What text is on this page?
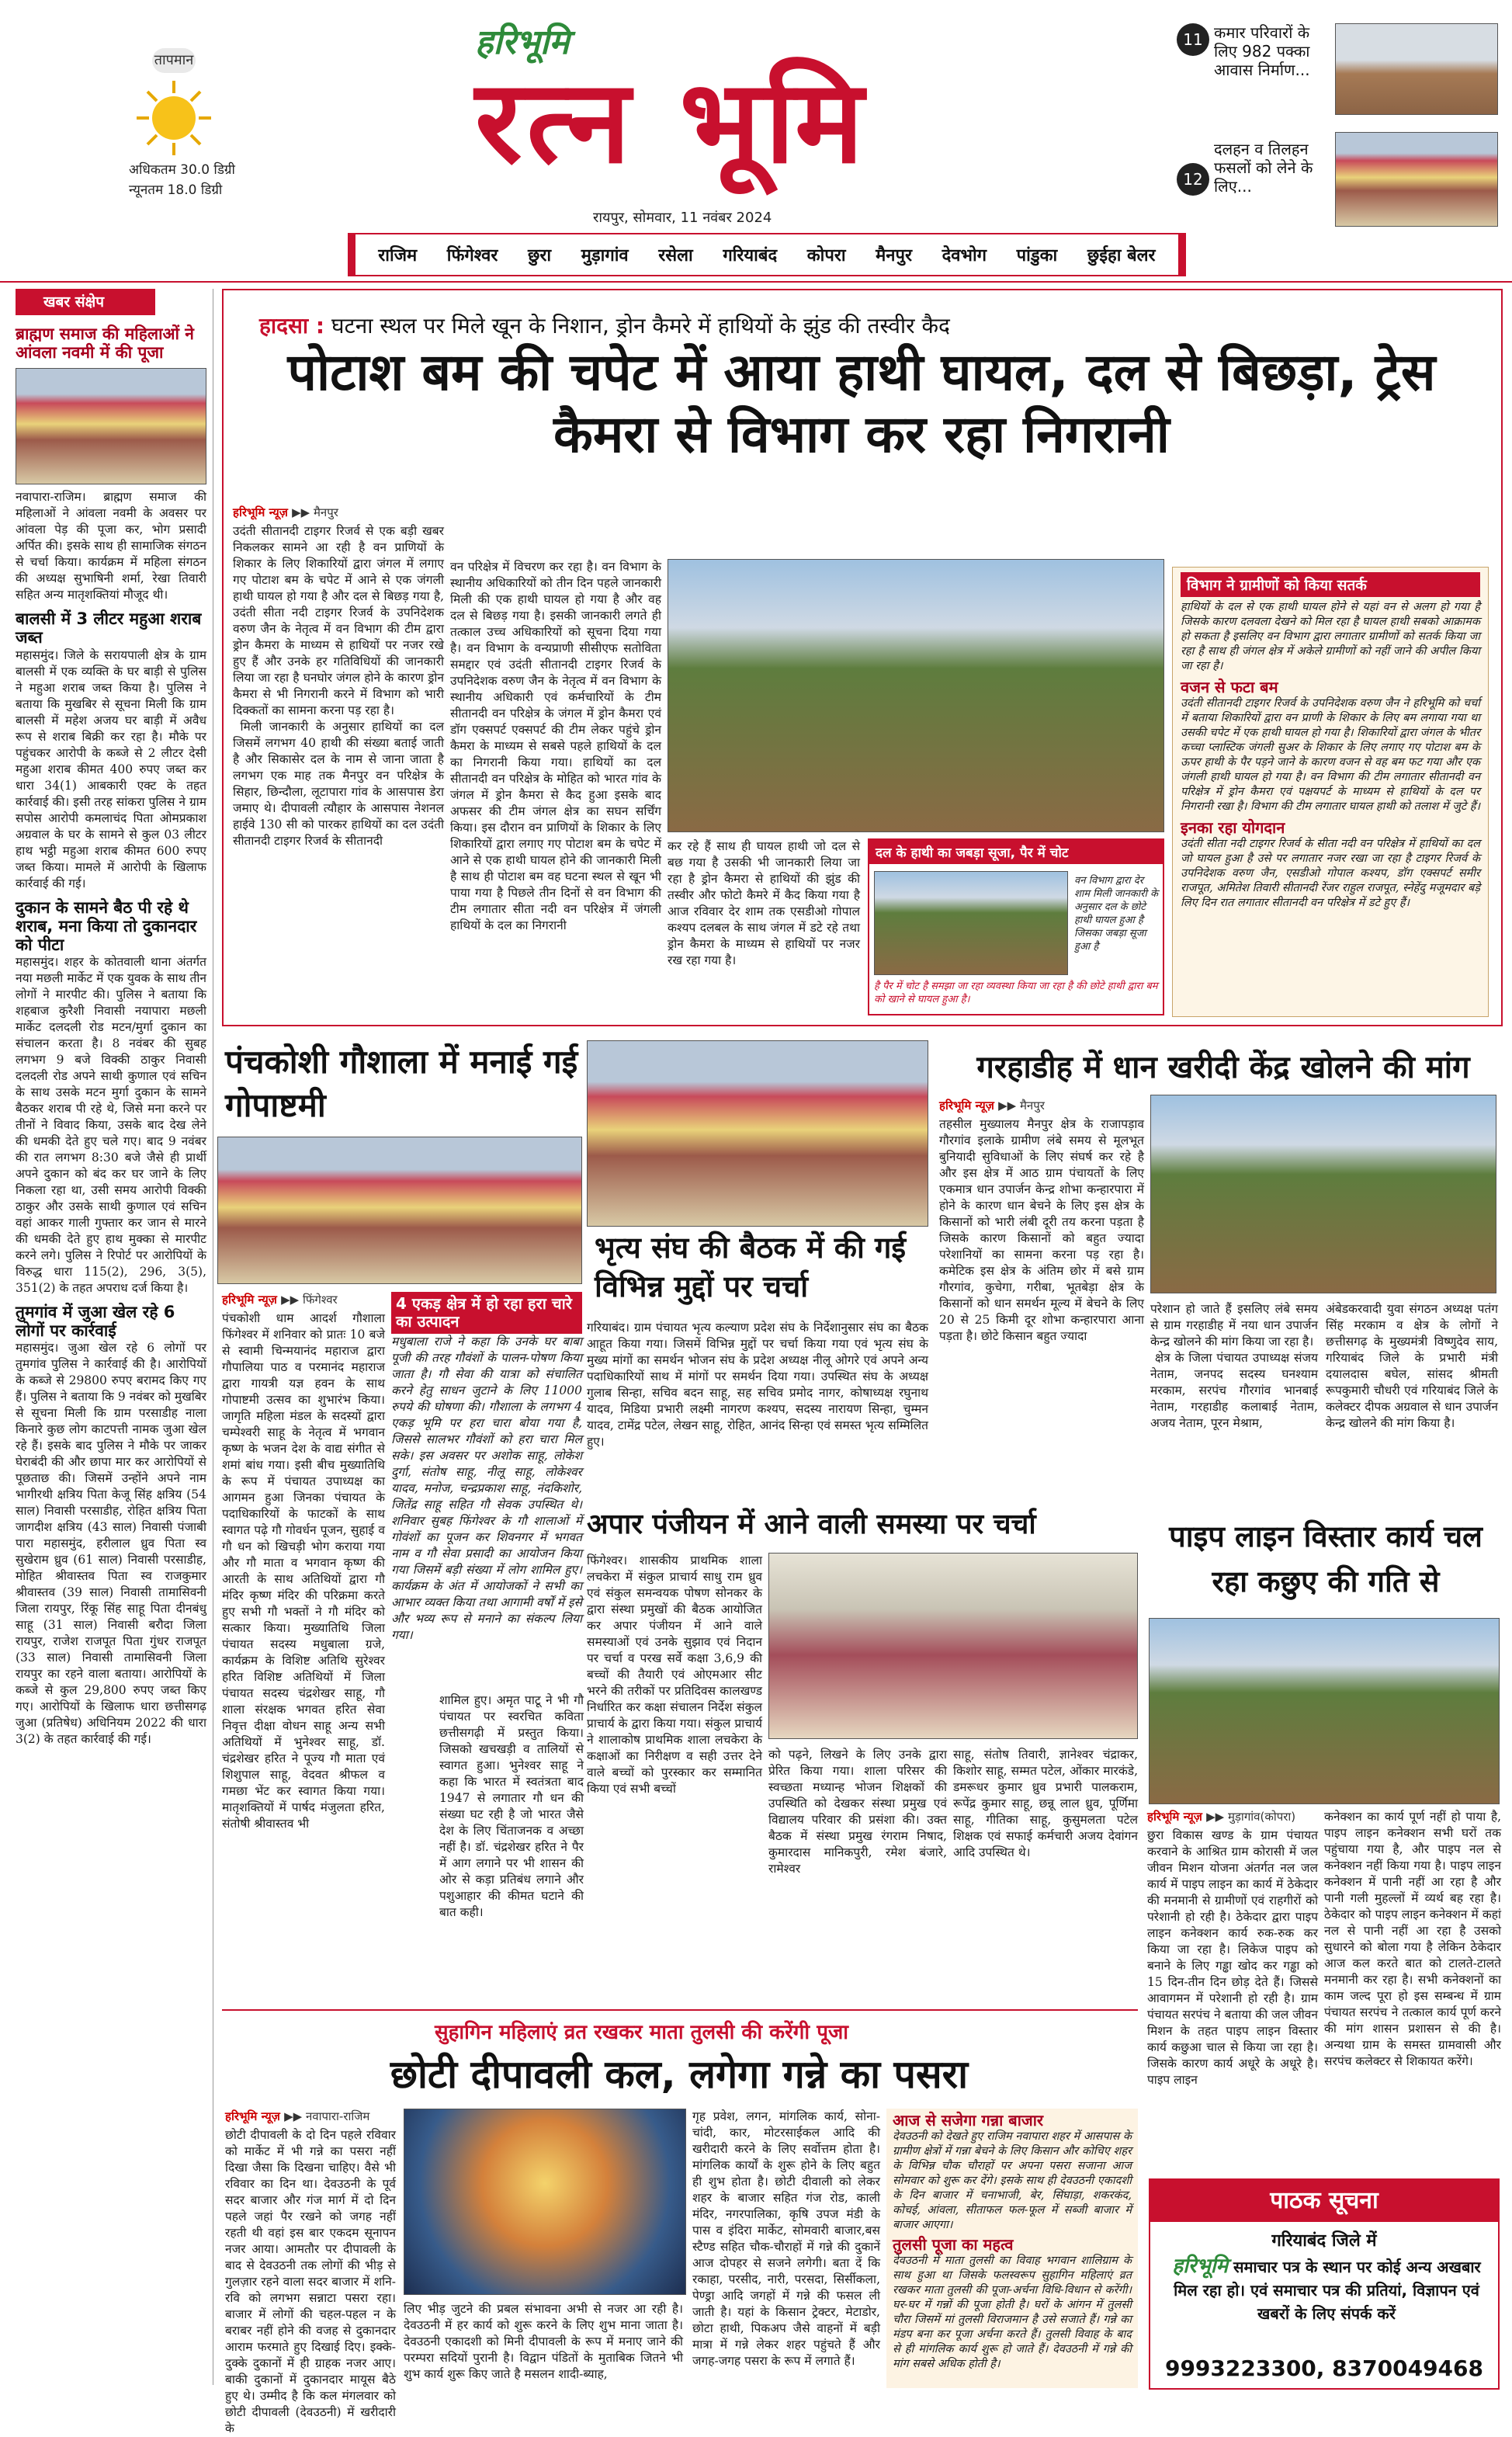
तापमान
अधिकतम 30.0 डिग्री
न्यूनतम 18.0 डिग्री
हरिभूमि
रत्न भूमि
रायपुर, सोमवार, 11 नवंबर 2024
11 कमार परिवारों के लिए 982 पक्का आवास निर्माण...
12
दलहन व तिलहन फसलों को लेने के लिए...
राजिम फिंगेश्वर छुरा मुड़ागांव रसेला गरियाबंद कोपरा मैनपुर देवभोग पांडुका छुईहा बेलर
खबर संक्षेप
ब्राह्मण समाज की महिलाओं ने आंवला नवमी में की पूजा
नवापारा-राजिम। ब्राह्मण समाज की महिलाओं ने आंवला नवमी के अवसर पर आंवला पेड़ की पूजा कर, भोग प्रसादी अर्पित की। इसके साथ ही सामाजिक संगठन से चर्चा किया। कार्यक्रम में महिला संगठन की अध्यक्ष सुभाषिनी शर्मा, रेखा तिवारी सहित अन्य मातृशक्तियां मौजूद थी।
बालसी में 3 लीटर महुआ शराब जब्त
महासमुंद। जिले के सरायपाली क्षेत्र के ग्राम बालसी में एक व्यक्ति के घर बाड़ी से पुलिस ने महुआ शराब जब्त किया है। पुलिस ने बताया कि मुखबिर से सूचना मिली कि ग्राम बालसी में महेश अजय घर बाड़ी में अवैध रूप से शराब बिक्री कर रहा है। मौके पर पहुंचकर आरोपी के कब्जे से 2 लीटर देसी महुआ शराब कीमत 400 रुपए जब्त कर धारा 34(1) आबकारी एक्ट के तहत कार्रवाई की। इसी तरह सांकरा पुलिस ने ग्राम सपोस आरोपी कमलाचंद पिता ओमप्रकाश अग्रवाल के घर के सामने से कुल 03 लीटर हाथ भट्ठी महुआ शराब कीमत 600 रुपए जब्त किया। मामले में आरोपी के खिलाफ कार्रवाई की गई।
दुकान के सामने बैठ पी रहे थे शराब, मना किया तो दुकानदार को पीटा
महासमुंद। शहर के कोतवाली थाना अंतर्गत नया मछली मार्केट में एक युवक के साथ तीन लोगों ने मारपीट की। पुलिस ने बताया कि शहबाज कुरैशी निवासी नयापारा मछली मार्केट दलदली रोड मटन/मुर्गा दुकान का संचालन करता है। 8 नवंबर की सुबह लगभग 9 बजे विक्की ठाकुर निवासी दलदली रोड अपने साथी कुणाल एवं सचिन के साथ उसके मटन मुर्गा दुकान के सामने बैठकर शराब पी रहे थे, जिसे मना करने पर तीनों ने विवाद किया, उसके बाद देख लेने की धमकी देते हुए चले गए। बाद 9 नवंबर की रात लगभग 8:30 बजे जैसे ही प्रार्थी अपने दुकान को बंद कर घर जाने के लिए निकला रहा था, उसी समय आरोपी विक्की ठाकुर और उसके साथी कुणाल एवं सचिन वहां आकर गाली गुफ्तार कर जान से मारने की धमकी देते हुए हाथ मुक्का से मारपीट करने लगे। पुलिस ने रिपोर्ट पर आरोपियों के विरुद्ध धारा 115(2), 296, 3(5), 351(2) के तहत अपराध दर्ज किया है।
तुमगांव में जुआ खेल रहे 6 लोगों पर कार्रवाई
महासमुंद। जुआ खेल रहे 6 लोगों पर तुमगांव पुलिस ने कार्रवाई की है। आरोपियों के कब्जे से 29800 रुपए बरामद किए गए हैं। पुलिस ने बताया कि 9 नवंबर को मुखबिर से सूचना मिली कि ग्राम परसाडीह नाला किनारे कुछ लोग काटपत्ती नामक जुआ खेल रहे हैं। इसके बाद पुलिस ने मौके पर जाकर घेराबंदी की और छापा मार कर आरोपियों से पूछताछ की। जिसमें उन्होंने अपने नाम भागीरथी क्षत्रिय पिता केजू सिंह क्षत्रिय (54 साल) निवासी परसाडीह, रोहित क्षत्रिय पिता जागदीश क्षत्रिय (43 साल) निवासी पंजाबी पारा महासमुंद, हरीलाल ध्रुव पिता स्व सुखेराम ध्रुव (61 साल) निवासी परसाडीह, मोहित श्रीवास्तव पिता स्व राजकुमार श्रीवास्तव (39 साल) निवासी तामासिवनी जिला रायपुर, रिंकू सिंह साहू पिता दीनबंधु साहू (31 साल) निवासी बरौदा जिला रायपुर, राजेश राजपूत पिता गुंधर राजपूत (33 साल) निवासी तामासिवनी जिला रायपुर का रहने वाला बताया। आरोपियों के कब्जे से कुल 29,800 रुपए जब्त किए गए। आरोपियों के खिलाफ धारा छत्तीसगढ़ जुआ (प्रतिषेध) अधिनियम 2022 की धारा 3(2) के तहत कार्रवाई की गई।
हादसा : घटना स्थल पर मिले खून के निशान, ड्रोन कैमरे में हाथियों के झुंड की तस्वीर कैद
पोटाश बम की चपेट में आया हाथी घायल, दल से बिछड़ा, ट्रेस कैमरा से विभाग कर रहा निगरानी
हरिभूमि न्यूज़ ▶▶ मैनपुर
उदंती सीतानदी टाइगर रिजर्व से एक बड़ी खबर निकलकर सामने आ रही है वन प्राणियों के शिकार के लिए शिकारियों द्वारा जंगल में लगाए गए पोटाश बम के चपेट में आने से एक जंगली हाथी घायल हो गया है और दल से बिछड़ गया है, उदंती सीता नदी टाइगर रिजर्व के उपनिदेशक वरुण जैन के नेतृत्व में वन विभाग की टीम द्वारा ड्रोन कैमरा के माध्यम से हाथियों पर नजर रखे हुए हैं और उनके हर गतिविधियों की जानकारी लिया जा रहा है घनघोर जंगल होने के कारण ड्रोन कैमरा से भी निगरानी करने में विभाग को भारी दिक्कतों का सामना करना पड़ रहा है।
मिली जानकारी के अनुसार हाथियों का दल जिसमें लगभग 40 हाथी की संख्या बताई जाती है और सिकासेर दल के नाम से जाना जाता है लगभग एक माह तक मैनपुर वन परिक्षेत्र के सिहार, छिन्दौला, लूटापारा गांव के आसपास डेरा जमाए थे। दीपावली त्यौहार के आसपास नेशनल हाईवे 130 सी को पारकर हाथियों का दल उदंती सीतानदी टाइगर रिजर्व के सीतानदी
वन परिक्षेत्र में विचरण कर रहा है। वन विभाग के स्थानीय अधिकारियों को तीन दिन पहले जानकारी मिली की एक हाथी घायल हो गया है और वह दल से बिछड़ गया है। इसकी जानकारी लगते ही तत्काल उच्च अधिकारियों को सूचना दिया गया है। वन विभाग के वन्यप्राणी सीसीएफ सतोविता समद्दार एवं उदंती सीतानदी टाइगर रिजर्व के उपनिदेशक वरुण जैन के नेतृत्व में वन विभाग के स्थानीय अधिकारी एवं कर्मचारियों के टीम सीतानदी वन परिक्षेत्र के जंगल में ड्रोन कैमरा एवं डॉग एक्सपर्ट एक्सपर्ट की टीम लेकर पहुंचे ड्रोन कैमरा के माध्यम से सबसे पहले हाथियों के दल का निगरानी किया गया। हाथियों का दल सीतानदी वन परिक्षेत्र के मोहित को भारत गांव के जंगल में ड्रोन कैमरा से कैद हुआ इसके बाद अफसर की टीम जंगल क्षेत्र का सघन सर्चिंग किया। इस दौरान वन प्राणियों के शिकार के लिए शिकारियों द्वारा लगाए गए पोटाश बम के चपेट में आने से एक हाथी घायल होने की जानकारी मिली है साथ ही पोटाश बम वह घटना स्थल से खून भी पाया गया है पिछले तीन दिनों से वन विभाग की टीम लगातार सीता नदी वन परिक्षेत्र में जंगली हाथियों के दल का निगरानी
कर रहे हैं साथ ही घायल हाथी जो दल से बछ गया है उसकी भी जानकारी लिया जा रहा है ड्रोन कैमरा से हाथियों की झुंड की तस्वीर और फोटो कैमरे में कैद किया गया है आज रविवार देर शाम तक एसडीओ गोपाल कश्यप दलबल के साथ जंगल में डटे रहे तथा ड्रोन कैमरा के माध्यम से हाथियों पर नजर रख रहा गया है।
दल के हाथी का जबड़ा सूजा, पैर में चोट
वन विभाग द्वारा देर शाम मिली जानकारी के अनुसार दल के छोटे हाथी घायल हुआ है जिसका जबड़ा सूजा हुआ है
है पैर में चोट है समझा जा रहा व्यवस्था किया जा रहा है की छोटे हाथी द्वारा बम को खाने से घायल हुआ है।
विभाग ने ग्रामीणों को किया सतर्क
हाथियों के दल से एक हाथी घायल होने से यहां वन से अलग हो गया है जिसके कारण दलवला देखने को मिल रहा है घायल हाथी सबको आक्रामक हो सकता है इसलिए वन विभाग द्वारा लगातार ग्रामीणों को सतर्क किया जा रहा है साथ ही जंगल क्षेत्र में अकेले ग्रामीणों को नहीं जाने की अपील किया जा रहा है।
वजन से फटा बम
उदंती सीतानदी टाइगर रिजर्व के उपनिदेशक वरुण जैन ने हरिभूमि को चर्चा में बताया शिकारियों द्वारा वन प्राणी के शिकार के लिए बम लगाया गया था उसकी चपेट में एक हाथी घायल हो गया है। शिकारियों द्वारा जंगल के भीतर कच्चा प्लास्टिक जंगली सुअर के शिकार के लिए लगाए गए पोटाश बम के ऊपर हाथी के पैर पड़ने जाने के कारण वजन से वह बम फट गया और एक जंगली हाथी घायल हो गया है। वन विभाग की टीम लगातार सीतानदी वन परिक्षेत्र में ड्रोन कैमरा एवं पक्षयपर्ट के माध्यम से हाथियों के दल पर निगरानी रखा है। विभाग की टीम लगातार घायल हाथी को तलाश में जुटे हैं।
इनका रहा योगदान
उदंती सीता नदी टाइगर रिजर्व के सीता नदी वन परिक्षेत्र में हाथियों का दल जो घायल हुआ है उसे पर लगातार नजर रखा जा रहा है टाइगर रिजर्व के उपनिदेशक वरुण जैन, एसडीओ गोपाल कश्यप, डॉग एक्सपर्ट समीर राजपूत, अमितेश तिवारी सीतानदी रेंजर राहुल राजपूत, स्नेहेंदु मजूमदार बड़े लिए दिन रात लगातार सीतानदी वन परिक्षेत्र में डटे हुए हैं।
पंचकोशी गौशाला में मनाई गई गोपाष्टमी
हरिभूमि न्यूज़ ▶▶ फिंगेश्वर
पंचकोशी धाम आदर्श गौशाला फिंगेश्वर में शनिवार को प्रातः 10 बजे से स्वामी चिन्मयानंद महाराज द्वारा गौपालिया पाठ व परमानंद महाराज द्वारा गायत्री यज्ञ हवन के साथ गोपाष्टमी उत्सव का शुभारंभ किया। जागृति महिला मंडल के सदस्यों द्वारा चम्पेश्वरी साहू के नेतृत्व में भगवान कृष्ण के भजन देश के वाद्य संगीत से शमां बांध गया। इसी बीच मुख्यातिथि के रूप में पंचायत उपाध्यक्ष का आगमन हुआ जिनका पंचायत के पदाधिकारियों के फाटकों के साथ स्वागत पढ़े गौ गोवर्धन पूजन, सुहाई व गौ धन को खिचड़ी भोग कराया गया और गौ माता व भगवान कृष्ण की आरती के साथ अतिथियों द्वारा गौ मंदिर कृष्ण मंदिर की परिक्रमा करते हुए सभी गौ भक्तों ने गौ मंदिर को सत्कार किया। मुख्यातिथि जिला पंचायत सदस्य मधुबाला ग्रजे, कार्यक्रम के विशिष्ट अतिथि सुरेश्वर हरित विशिष्ट अतिथियों में जिला पंचायत सदस्य चंद्रशेखर साहू, गौ शाला संरक्षक भगवत हरित सेवा निवृत्त दीक्षा वोधन साहू अन्य सभी अतिथियों में भुनेश्वर साहू, डॉ. चंद्रशेखर हरित ने पूज्य गौ माता एवं शिशुपाल साहू, वेदवत श्रीफल व गमछा भेंट कर स्वागत किया गया। मातृशक्तियों में पार्षद मंजुलता हरित, संतोषी श्रीवास्तव भी
4 एकड़ क्षेत्र में हो रहा हरा चारे का उत्पादन
मधुबाला राजे ने कहा कि उनके घर बाबा पूजी की तरह गौवंशों के पालन-पोषण किया जाता है। गौ सेवा की यात्रा को संचालित करने हेतु साधन जुटाने के लिए 11000 रुपये की घोषणा की। गौशाला के लगभग 4 एकड़ भूमि पर हरा चारा बोया गया है, जिससे सालभर गौवंशों को हरा चारा मिल सके। इस अवसर पर अशोक साहू, लोकेश दुर्गा, संतोष साहू, नीलू साहू, लोकेश्वर यादव, मनोज, चन्द्रप्रकाश साहू, नंदकिशोर, जितेंद्र साहू सहित गौ सेवक उपस्थित थे। शनिवार सुबह फिंगेश्वर के गौ शालाओं में गोवंशों का पूजन कर शिवनगर में भगवत नाम व गौ सेवा प्रसादी का आयोजन किया गया जिसमें बड़ी संख्या में लोग शामिल हुए। कार्यक्रम के अंत में आयोजकों ने सभी का आभार व्यक्त किया तथा आगामी वर्षों में इसे और भव्य रूप से मनाने का संकल्प लिया गया।
भृत्य संघ की बैठक में की गई विभिन्न मुद्दों पर चर्चा
शामिल हुए। अमृत पाटू ने भी गौ पंचायत पर स्वरचित कविता छत्तीसगढ़ी में प्रस्तुत किया। जिसको खचखड़ी व तालियों से स्वागत हुआ। भुनेश्वर साहू ने कहा कि भारत में स्वतंत्रता बाद 1947 से लगातार गौ धन की संख्या घट रही है जो भारत जैसे देश के लिए चिंताजनक व अच्छा नहीं है। डॉ. चंद्रशेखर हरित ने पैर में आग लगाने पर भी शासन की ओर से कड़ा प्रतिबंध लगाने और पशुआहार की कीमत घटाने की बात कही।
गरियाबंद। ग्राम पंचायत भृत्य कल्याण प्रदेश संघ के निर्देशानुसार संघ का बैठक आहूत किया गया। जिसमें विभिन्न मुद्दों पर चर्चा किया गया एवं भृत्य संघ के मुख्य मांगों का समर्थन भोजन संघ के प्रदेश अध्यक्ष नीलू ओगरे एवं अपने अन्य पदाधिकारियों साथ में मांगों पर समर्थन दिया गया। उपस्थित संघ के अध्यक्ष गुलाब सिन्हा, सचिव बदन साहू, सह सचिव प्रमोद नागर, कोषाध्यक्ष रघुनाथ यादव, मिडिया प्रभारी लक्ष्मी नागरण कश्यप, सदस्य नारायण सिन्हा, चुम्मन यादव, टामेंद्र पटेल, लेखन साहू, रोहित, आनंद सिन्हा एवं समस्त भृत्य सम्मिलित हुए।
गरहाडीह में धान खरीदी केंद्र खोलने की मांग
हरिभूमि न्यूज़ ▶▶ मैनपुर
तहसील मुख्यालय मैनपुर क्षेत्र के राजापड़ाव गौरगांव इलाके ग्रामीण लंबे समय से मूलभूत बुनियादी सुविधाओं के लिए संघर्ष कर रहे है और इस क्षेत्र में आठ ग्राम पंचायतों के लिए एकमात्र धान उपार्जन केन्द्र शोभा कन्हारपारा में होने के कारण धान बेचने के लिए इस क्षेत्र के किसानों को भारी लंबी दूरी तय करना पड़ता है जिसके कारण किसानों को बहुत ज्यादा परेशानियों का सामना करना पड़ रहा है। कमेटिक इस क्षेत्र के अंतिम छोर में बसे ग्राम गौरगांव, कुचेगा, गरीबा, भूतबेड़ा क्षेत्र के किसानों को धान समर्थन मूल्य में बेचने के लिए 20 से 25 किमी दूर शोभा कन्हारपारा आना पड़ता है। छोटे किसान बहुत ज्यादा
परेशान हो जाते हैं इसलिए लंबे समय से ग्राम गरहाडीह में नया धान उपार्जन केन्द्र खोलने की मांग किया जा रहा है।
क्षेत्र के जिला पंचायत उपाध्यक्ष संजय नेताम, जनपद सदस्य घनश्याम मरकाम, सरपंच गौरगांव भानबाई नेताम, गरहाडीह कलाबाई नेताम, अजय नेताम, पूरन मेश्राम,
अंबेडकरवादी युवा संगठन अध्यक्ष पतंग सिंह मरकाम व क्षेत्र के लोगों ने छत्तीसगढ़ के मुख्यमंत्री विष्णुदेव साय, गरियाबंद जिले के प्रभारी मंत्री दयालदास बघेल, सांसद श्रीमती रूपकुमारी चौधरी एवं गरियाबंद जिले के कलेक्टर दीपक अग्रवाल से धान उपार्जन केन्द्र खोलने की मांग किया है।
अपार पंजीयन में आने वाली समस्या पर चर्चा
फिंगेश्वर। शासकीय प्राथमिक शाला लचकेरा में संकुल प्राचार्य साधु राम ध्रुव एवं संकुल समन्वयक पोषण सोनकर के द्वारा संस्था प्रमुखों की बैठक आयोजित कर अपार पंजीयन में आने वाले समस्याओं एवं उनके सुझाव एवं निदान पर चर्चा व परख सर्वे कक्षा 3,6,9 की बच्चों की तैयारी एवं ओएमआर सीट भरने की तरीकों पर प्रतिदिवस कालखण्ड निर्धारित कर कक्षा संचालन निर्देश संकुल प्राचार्य के द्वारा किया गया। संकुल प्राचार्य ने शालाकोष प्राथमिक शाला लचकेरा के कक्षाओं का निरीक्षण व सही उत्तर देने वाले बच्चों को पुरस्कार कर सम्मानित किया एवं सभी बच्चों
को पढ़ने, लिखने के लिए उनके द्वारा प्रेरित किया गया। शाला परिसर की स्वच्छता मध्यान्ह भोजन शिक्षकों की उपस्थिति को देखकर संस्था प्रमुख एवं विद्यालय परिवार की प्रसंशा की। उक्त बैठक में संस्था प्रमुख रंगराम निषाद, कुमारदास मानिकपुरी, रमेश बंजारे, रामेश्वर
साहू, संतोष तिवारी, ज्ञानेश्वर चंद्राकर, किशोर साहू, सम्मत पटेल, ओंकार मारकंडे, डमरूधर कुमार ध्रुव प्रभारी पालकराम, रूपेंद्र कुमार साहू, छन्नू लाल ध्रुव, पूर्णिमा साहू, गीतिका साहू, कुसुमलता पटेल शिक्षक एवं सफाई कर्मचारी अजय देवांगन आदि उपस्थित थे।
पाइप लाइन विस्तार कार्य चल रहा कछुए की गति से
हरिभूमि न्यूज़ ▶▶ मुड़ागांव(कोपरा)
छुरा विकास खण्ड के ग्राम पंचायत करवाने के आश्रित ग्राम कोरासी में जल जीवन मिशन योजना अंतर्गत नल जल कार्य में पाइप लाइन का कार्य में ठेकेदार की मनमानी से ग्रामीणों एवं राहगीरों को परेशानी हो रही है। ठेकेदार द्वारा पाइप लाइन कनेक्शन कार्य रुक-रुक कर किया जा रहा है। लिकेज पाइप को बनाने के लिए गड्ढा खोद कर गड्ढा को 15 दिन-तीन दिन छोड़ देते हैं। जिससे आवागमन में परेशानी हो रही है। ग्राम पंचायत सरपंच ने बताया की जल जीवन मिशन के तहत पाइप लाइन विस्तार कार्य कछुआ चाल से किया जा रहा है। जिसके कारण कार्य अधूरे के अधूरे है। पाइप लाइन
कनेक्शन का कार्य पूर्ण नहीं हो पाया है, पाइप लाइन कनेक्शन सभी घरों तक पहुंचाया गया है, और पाइप नल से कनेक्शन नहीं किया गया है। पाइप लाइन कनेक्शन में पानी नहीं आ रहा है और पानी गली मुहल्लों में व्यर्थ बह रहा है। ठेकेदार को पाइप लाइन कनेक्शन में कहां नल से पानी नहीं आ रहा है उसको सुधारने को बोला गया है लेकिन ठेकेदार आज कल करते बात को टालते-टालते मनमानी कर रहा है। सभी कनेक्शनों का काम जल्द पूरा हो इस सम्बन्ध में ग्राम पंचायत सरपंच ने तत्काल कार्य पूर्ण करने की मांग शासन प्रशासन से की है। अन्यथा ग्राम के समस्त ग्रामवासी और सरपंच कलेक्टर से शिकायत करेंगे।
सुहागिन महिलाएं व्रत रखकर माता तुलसी की करेंगी पूजा
छोटी दीपावली कल, लगेगा गन्ने का पसरा
हरिभूमि न्यूज़ ▶▶ नवापारा-राजिम
छोटी दीपावली के दो दिन पहले रविवार को मार्केट में भी गन्ने का पसरा नहीं दिखा जैसा कि दिखना चाहिए। वैसे भी रविवार का दिन था। देवउठनी के पूर्व सदर बाजार और गंज मार्ग में दो दिन पहले जहां पैर रखने को जगह नहीं रहती थी वहां इस बार एकदम सूनापन नजर आया। आमतौर पर दीपावली के बाद से देवउठनी तक लोगों की भीड़ से गुलज़ार रहने वाला सदर बाजार में शनि-रवि को लगभग सन्नाटा पसरा रहा। बाजार में लोगों की चहल-पहल न के बराबर नहीं होने की वजह से दुकानदार आराम फरमाते हुए दिखाई दिए। इक्के-दुक्के दुकानों में ही ग्राहक नजर आए। बाकी दुकानों में दुकानदार मायूस बैठे हुए थे। उम्मीद है कि कल मंगलवार को छोटी दीपावली (देवउठनी) में खरीदारी के
लिए भीड़ जुटने की प्रबल संभावना अभी से नजर आ रही है। देवउठनी में हर कार्य को शुरू करने के लिए शुभ माना जाता है। देवउठनी एकादशी को मिनी दीपावली के रूप में मनाए जाने की परम्परा सदियों पुरानी है। विद्वान पंडितों के मुताबिक जितने भी शुभ कार्य शुरू किए जाते है मसलन शादी-ब्याह,
गृह प्रवेश, लगन, मांगलिक कार्य, सोना-चांदी, कार, मोटरसाईकल आदि की खरीदारी करने के लिए सर्वोत्तम होता है। मांगलिक कार्यों के शुरू होने के लिए बहुत ही शुभ होता है। छोटी दीवाली को लेकर शहर के बाजार सहित गंज रोड, काली मंदिर, नगरपालिका, कृषि उपज मंडी के पास व इंदिरा मार्केट, सोमवारी बाजार,बस स्टैण्ड सहित चौक-चौराहों में गन्ने की दुकानें आज दोपहर से सजने लगेगी। बता दें कि रकाहा, परसीद, नारी, परसदा, सिर्सीकला, पेण्ड्रा आदि जगहों में गन्ने की फसल ली जाती है। यहां के किसान ट्रेक्टर, मेटाडोर, छोटा हाथी, पिकअप जैसे वाहनों में बड़ी मात्रा में गन्ने लेकर शहर पहुंचते हैं और जगह-जगह पसरा के रूप में लगाते हैं।
आज से सजेगा गन्ना बाजार
देवउठनी को देखते हुए राजिम नवापारा शहर में आसपास के ग्रामीण क्षेत्रों में गन्ना बेचने के लिए किसान और कोचिए शहर के विभिन्न चौक चौराहों पर अपना पसरा सजाना आज सोमवार को शुरू कर देंगे। इसके साथ ही देवउठनी एकादशी के दिन बाजार में चनाभाजी, बेर, सिंघाड़ा, शकरकंद, कोचई, आंवला, सीताफल फल-फूल में सब्जी बाजार में बाजार आएगा।
तुलसी पूजा का महत्व
देवउठनी में माता तुलसी का विवाह भगवान शालिग्राम के साथ हुआ था जिसके फलस्वरूप सुहागिन महिलाएं व्रत रखकर माता तुलसी की पूजा-अर्चना विधि-विधान से करेंगी। घर-घर में गन्नों की पूजा होती है। घरों के आंगन में तुलसी चौरा जिसमें मां तुलसी विराजमान है उसे सजाते हैं। गन्ने का मंडप बना कर पूजा अर्चना करते हैं। तुलसी विवाह के बाद से ही मांगलिक कार्य शुरू हो जाते हैं। देवउठनी में गन्ने की मांग सबसे अधिक होती है।
पाठक सूचना
गरियाबंद जिले में
हरिभूमि समाचार पत्र के स्थान पर कोई अन्य अखबार मिल रहा हो। एवं समाचार पत्र की प्रतियां, विज्ञापन एवं खबरों के लिए संपर्क करें
9993223300, 8370049468
